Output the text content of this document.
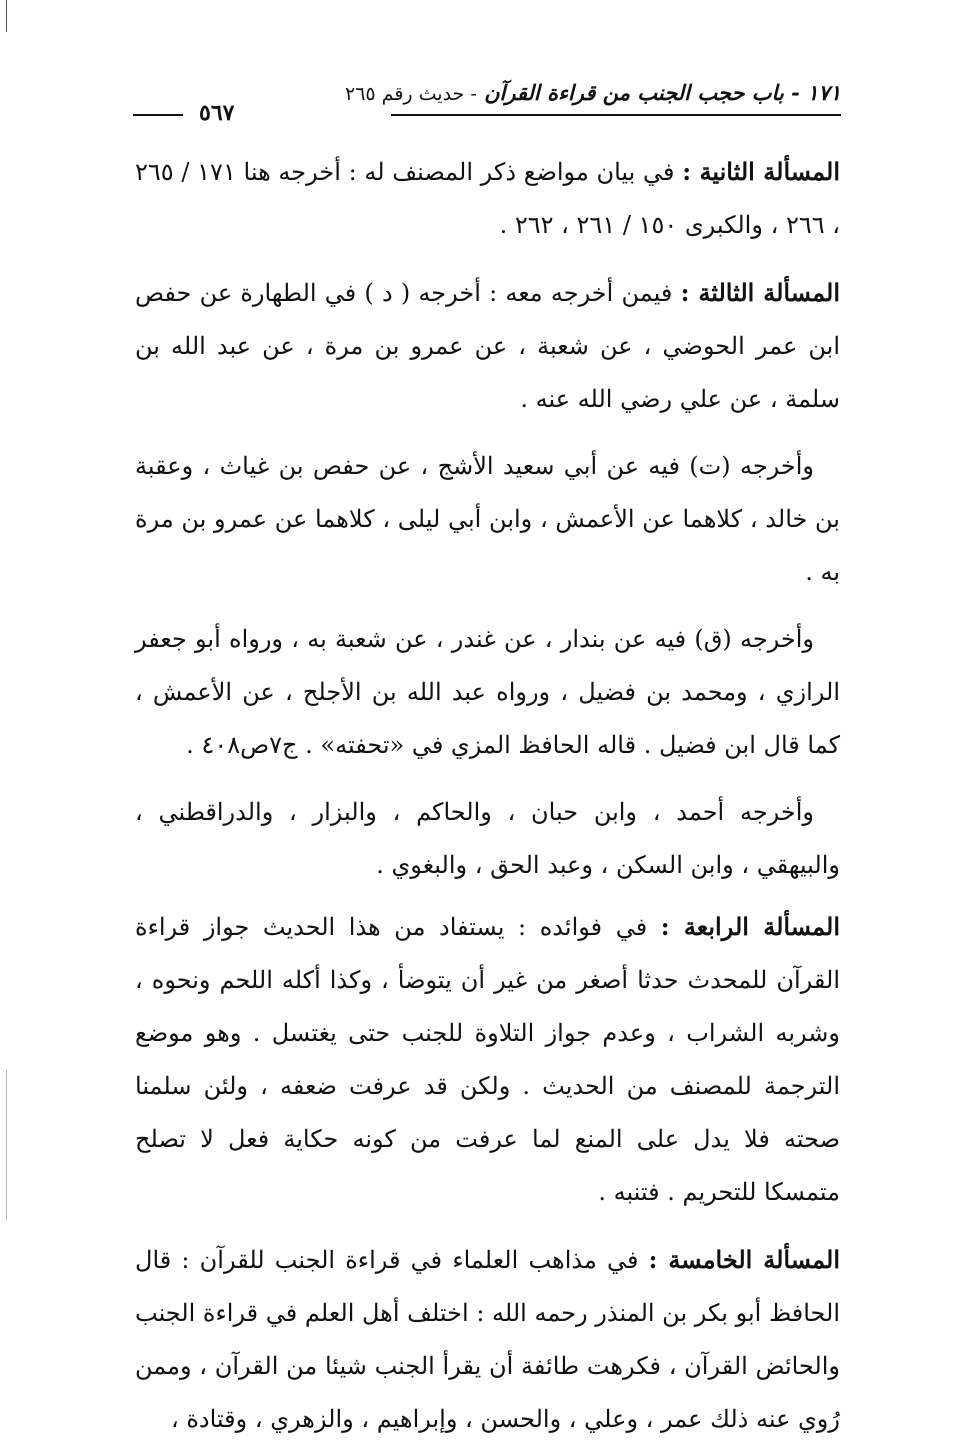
١٧١ - باب حجب الجنب من قراءة القرآن - حديث رقم ٢٦٥
٥٦٧

المسألة الثانية : في بيان مواضع ذكر المصنف له : أخرجه هنا ١٧١ / ٢٦٥ ، ٢٦٦ ، والكبرى ١٥٠ / ٢٦١ ، ٢٦٢ .

المسألة الثالثة : فيمن أخرجه معه : أخرجه ( د ) في الطهارة عن حفص ابن عمر الحوضي ، عن شعبة ، عن عمرو بن مرة ، عن عبد الله بن سلمة ، عن علي رضي الله عنه .

وأخرجه (ت) فيه عن أبي سعيد الأشج ، عن حفص بن غياث ، وعقبة بن خالد ، كلاهما عن الأعمش ، وابن أبي ليلى ، كلاهما عن عمرو بن مرة به .

وأخرجه (ق) فيه عن بندار ، عن غندر ، عن شعبة به ، ورواه أبو جعفر الرازي ، ومحمد بن فضيل ، ورواه عبد الله بن الأجلح ، عن الأعمش ، كما قال ابن فضيل . قاله الحافظ المزي في «تحفته» . ج٧ص٤٠٨ .

وأخرجه أحمد ، وابن حبان ، والحاكم ، والبزار ، والدراقطني ، والبيهقي ، وابن السكن ، وعبد الحق ، والبغوي .

المسألة الرابعة : في فوائده : يستفاد من هذا الحديث جواز قراءة القرآن للمحدث حدثا أصغر من غير أن يتوضأ ، وكذا أكله اللحم ونحوه ، وشربه الشراب ، وعدم جواز التلاوة للجنب حتى يغتسل . وهو موضع الترجمة للمصنف من الحديث . ولكن قد عرفت ضعفه ، ولئن سلمنا صحته فلا يدل على المنع لما عرفت من كونه حكاية فعل لا تصلح متمسكا للتحريم . فتنبه .

المسألة الخامسة : في مذاهب العلماء في قراءة الجنب للقرآن : قال الحافظ أبو بكر بن المنذر رحمه الله : اختلف أهل العلم في قراءة الجنب والحائض القرآن ، فكرهت طائفة أن يقرأ الجنب شيئا من القرآن ، وممن رُوي عنه ذلك عمر ، وعلي ، والحسن ، وإبراهيم ، والزهري ، وقتادة ،
